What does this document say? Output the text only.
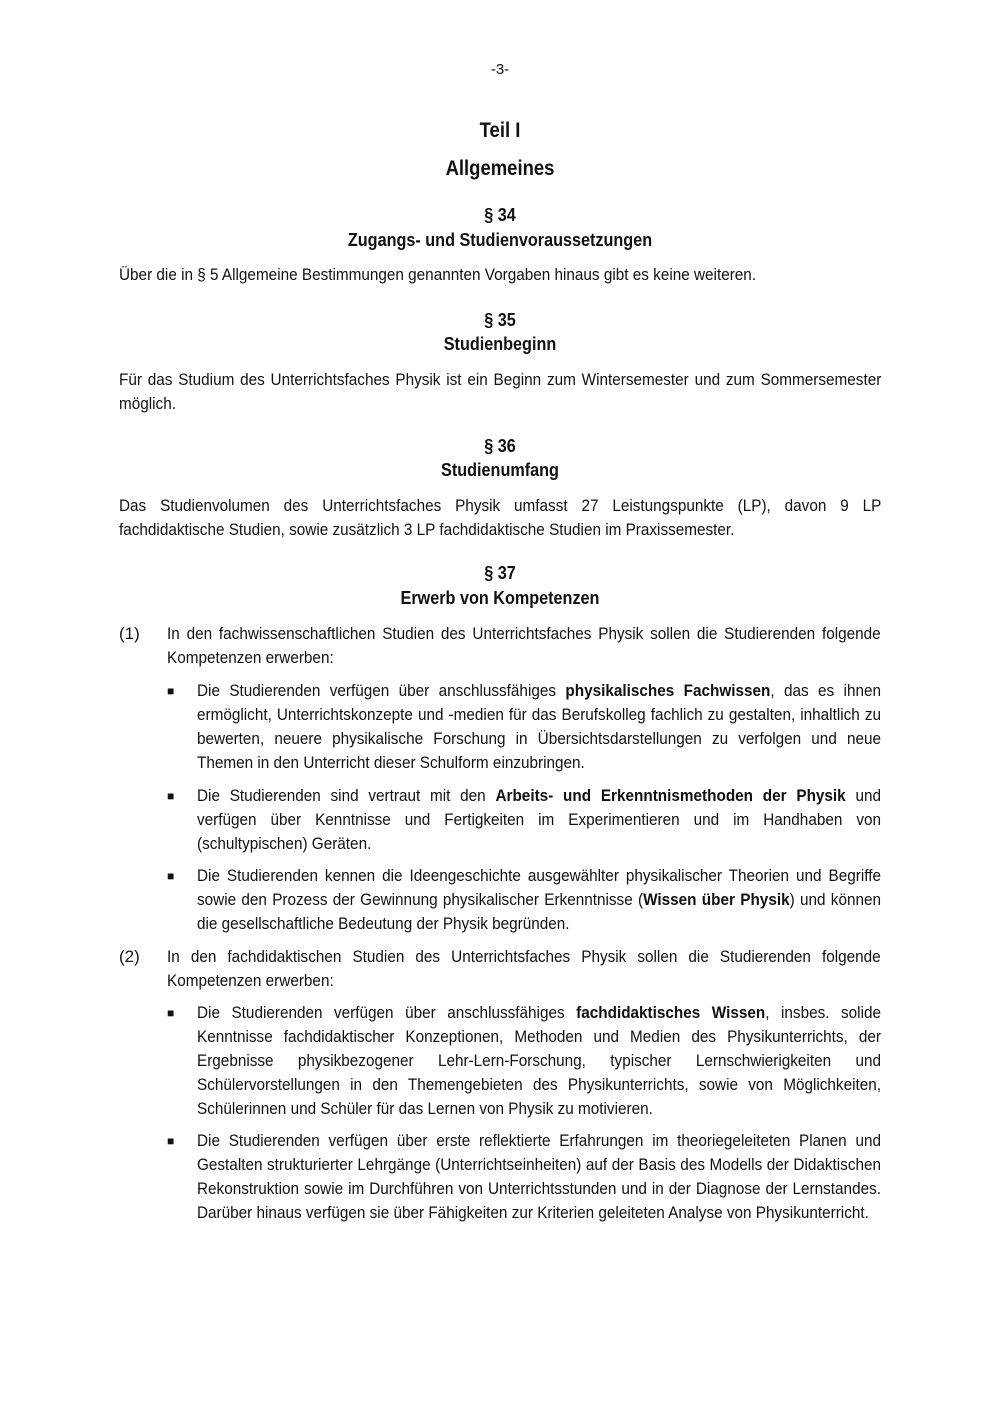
-3-
Teil I
Allgemeines
§ 34
Zugangs- und Studienvoraussetzungen
Über die in § 5 Allgemeine Bestimmungen genannten Vorgaben hinaus gibt es keine weiteren.
§ 35
Studienbeginn
Für das Studium des Unterrichtsfaches Physik ist ein Beginn zum Wintersemester und zum Sommersemester möglich.
§ 36
Studienumfang
Das Studienvolumen des Unterrichtsfaches Physik umfasst 27 Leistungspunkte (LP), davon 9 LP fachdidaktische Studien, sowie zusätzlich 3 LP fachdidaktische Studien im Praxissemester.
§ 37
Erwerb von Kompetenzen
(1) In den fachwissenschaftlichen Studien des Unterrichtsfaches Physik sollen die Studierenden folgende Kompetenzen erwerben:
■ Die Studierenden verfügen über anschlussfähiges physikalisches Fachwissen, das es ihnen ermöglicht, Unterrichtskonzepte und -medien für das Berufskolleg fachlich zu gestalten, inhaltlich zu bewerten, neuere physikalische Forschung in Übersichtsdarstellungen zu verfolgen und neue Themen in den Unterricht dieser Schulform einzubringen.
■ Die Studierenden sind vertraut mit den Arbeits- und Erkenntnismethoden der Physik und verfügen über Kenntnisse und Fertigkeiten im Experimentieren und im Handhaben von (schultypischen) Geräten.
■ Die Studierenden kennen die Ideengeschichte ausgewählter physikalischer Theorien und Begriffe sowie den Prozess der Gewinnung physikalischer Erkenntnisse (Wissen über Physik) und können die gesellschaftliche Bedeutung der Physik begründen.
(2) In den fachdidaktischen Studien des Unterrichtsfaches Physik sollen die Studierenden folgende Kompetenzen erwerben:
■ Die Studierenden verfügen über anschlussfähiges fachdidaktisches Wissen, insbes. solide Kenntnisse fachdidaktischer Konzeptionen, Methoden und Medien des Physikunterrichts, der Ergebnisse physikbezogener Lehr-Lern-Forschung, typischer Lernschwierigkeiten und Schülervorstellungen in den Themengebieten des Physikunterrichts, sowie von Möglichkeiten, Schülerinnen und Schüler für das Lernen von Physik zu motivieren.
■ Die Studierenden verfügen über erste reflektierte Erfahrungen im theoriegeleiteten Planen und Gestalten strukturierter Lehrgänge (Unterrichtseinheiten) auf der Basis des Modells der Didaktischen Rekonstruktion sowie im Durchführen von Unterrichtsstunden und in der Diagnose der Lernstandes. Darüber hinaus verfügen sie über Fähigkeiten zur Kriterien geleiteten Analyse von Physikunterricht.
